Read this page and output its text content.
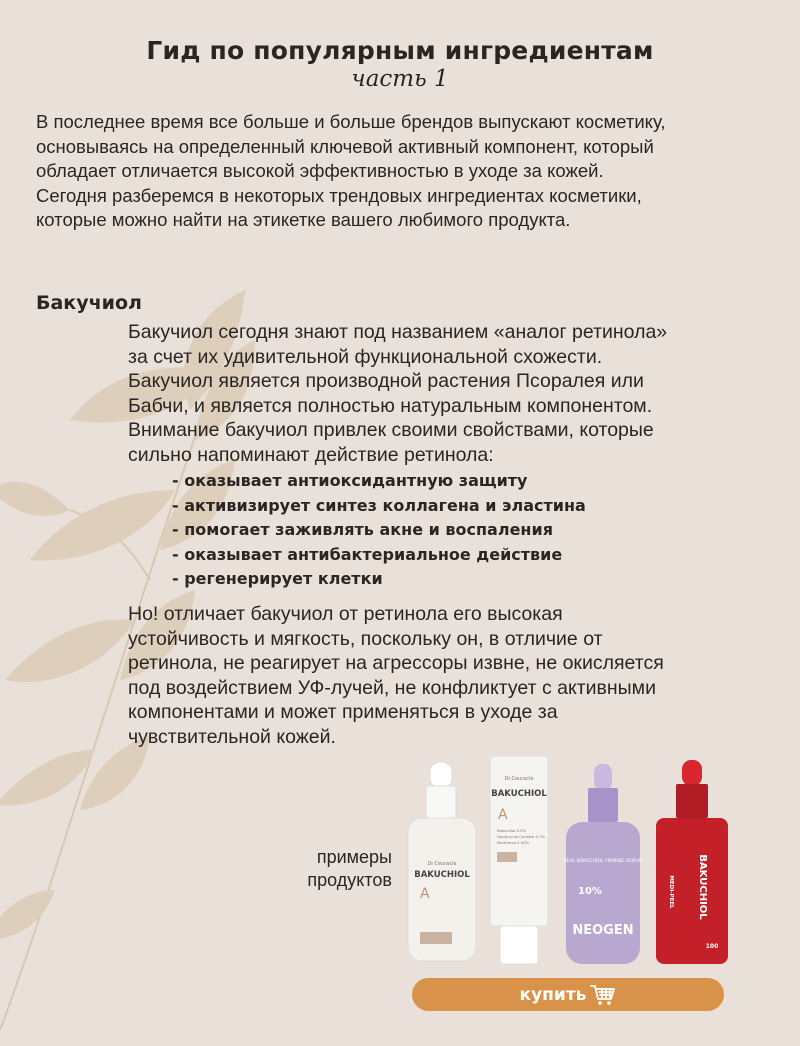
Гид по популярным ингредиентам
часть 1
В последнее время все больше и больше брендов выпускают косметику,
основываясь на определенный ключевой активный компонент, который
обладает отличается высокой эффективностью в уходе за кожей.
Сегодня разберемся в некоторых трендовых ингредиентах косметики,
которые можно найти на этикетке вашего любимого продукта.
Бакучиол
Бакучиол сегодня знают под названием «аналог ретинола»
за счет их удивительной функциональной схожести.
Бакучиол является производной растения Псоралея или
Бабчи, и является полностью натуральным компонентом.
Внимание бакучиол привлек своими свойствами, которые
сильно напоминают действие ретинола:
- оказывает антиоксидантную защиту
- активизирует синтез коллагена и эластина
- помогает заживлять акне и воспаления
- оказывает антибактериальное действие
- регенерирует клетки
Но! отличает бакучиол от ретинола его высокая
устойчивость и мягкость, поскольку он, в отличие от
ретинола, не реагирует на агрессоры извне, не окисляется
под воздействием УФ-лучей, не конфликтует с активными
компонентами и может применяться в уходе за
чувствительной кожей.
примеры
продуктов
Dr.Ceuracle
BAKUCHIOL
A
Dr.Ceuracle
BAKUCHIOL
A
Bakuchiol 0.5%
Houttuynia Cordata 0.7%
Panthenol 2.00%
REAL BAKUCHIOL FIRMING SERUM
10%
NEOGEN
MEDI-PEEL BAKUCHIOL
100
купить
